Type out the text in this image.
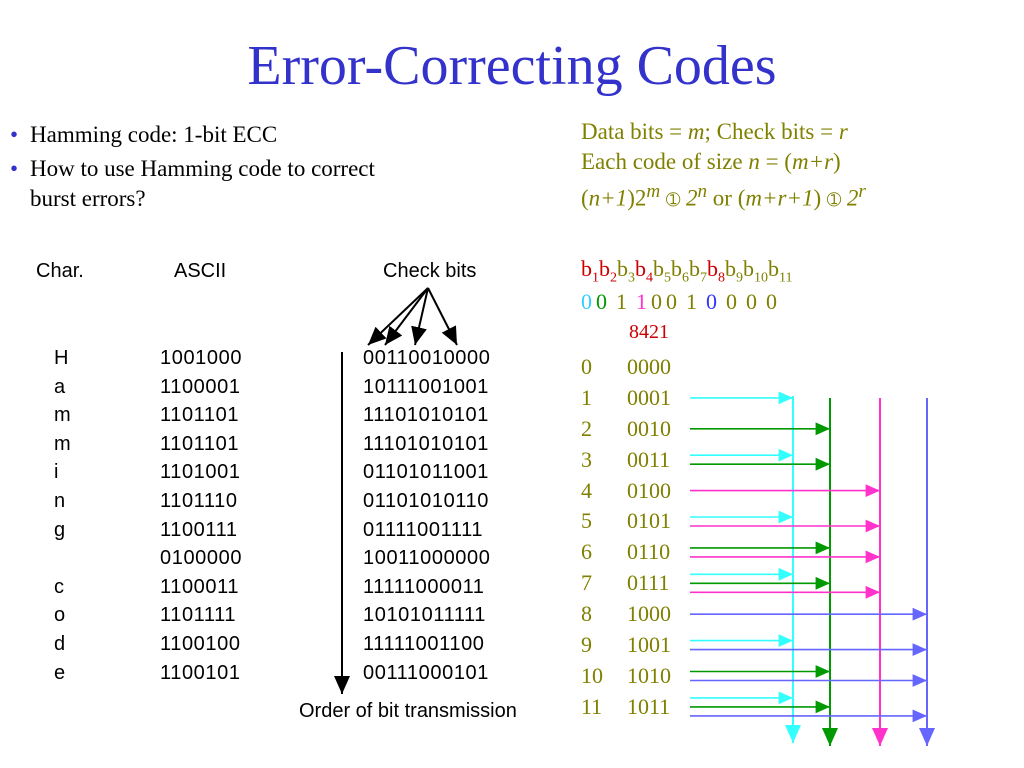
Error-Correcting Codes
• Hamming code: 1-bit ECC
• How to use Hamming code to correct burst errors?
Data bits = m; Check bits = r
Each code of size n = (m+r)
$(n+1)2^m$ ➀ 2$^n$ or (m+r+1) ➀ 2$^r$
Char.	ASCII	Check bits
H
a
m
m
i
n
g

c
o
d
e
1001000
1100001
1101101
1101101
1101001
1101110
1100111
0100000
1100011
1101111
1100100
1100101
00110010000
10111001001
11101010101
11101010101
01101011001
01101010110
01111001111
10011000000
11111000011
10101011111
11111001100
00111000101
Order of bit transmission
$b_1b_2b_3b_4b_5b_6b_7b_8b_9b_{10}b_{11}$
0 0 1 1 0 0 1 0 0 0 0
8421
0 0000
1 0001
2 0010
3 0011
4 0100
5 0101
6 0110
7 0111
8 1000
9 1001
10 1010
11 1011
